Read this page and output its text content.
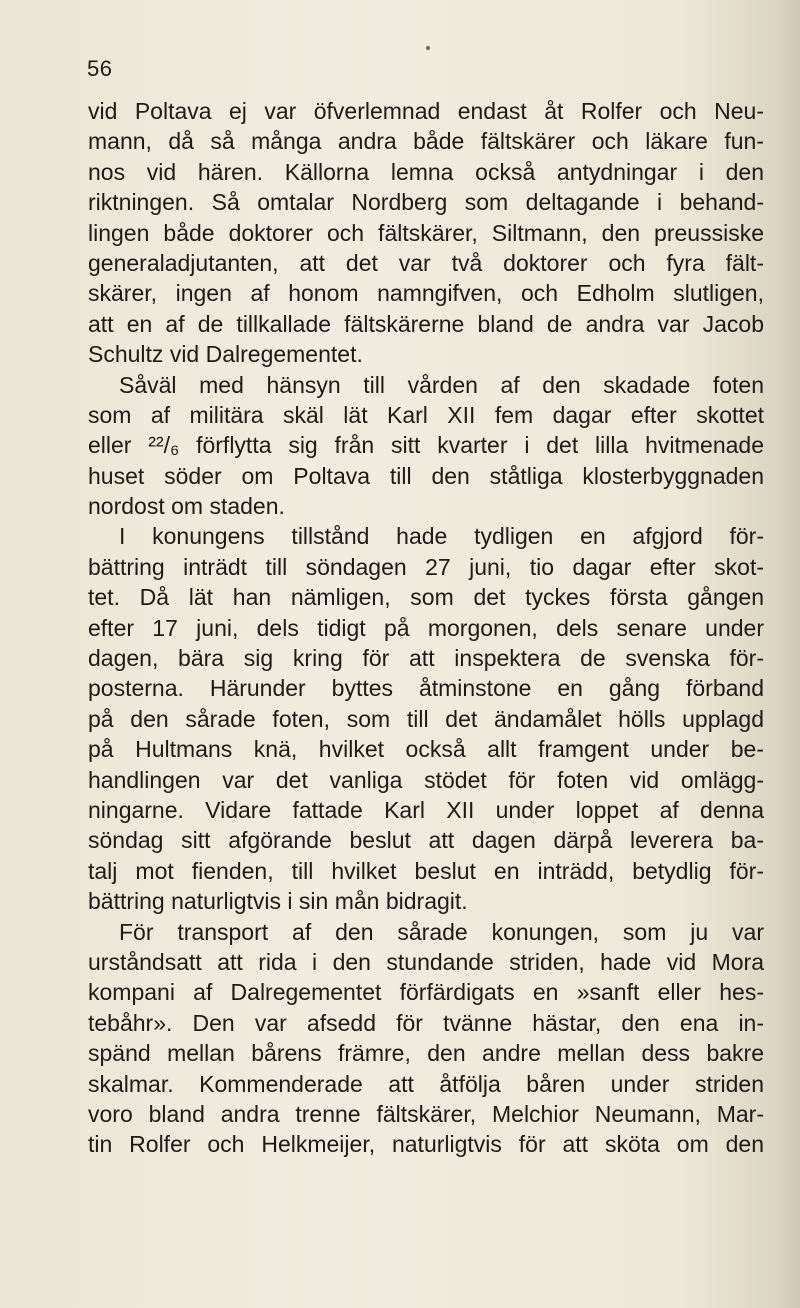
56
vid Poltava ej var öfverlemnad endast åt Rolfer och Neu-
mann, då så många andra både fältskärer och läkare fun-
nos vid hären. Källorna lemna också antydningar i den
riktningen. Så omtalar Nordberg som deltagande i behand-
lingen både doktorer och fältskärer, Siltmann, den preussiske
generaladjutanten, att det var två doktorer och fyra fält-
skärer, ingen af honom namngifven, och Edholm slutligen,
att en af de tillkallade fältskärerne bland de andra var Jacob
Schultz vid Dalregementet.
Såväl med hänsyn till vården af den skadade foten
som af militära skäl lät Karl XII fem dagar efter skottet
eller ²²/₆ förflytta sig från sitt kvarter i det lilla hvitmenade
huset söder om Poltava till den ståtliga klosterbyggnaden
nordost om staden.
I konungens tillstånd hade tydligen en afgjord för-
bättring inträdt till söndagen 27 juni, tio dagar efter skot-
tet. Då lät han nämligen, som det tyckes första gången
efter 17 juni, dels tidigt på morgonen, dels senare under
dagen, bära sig kring för att inspektera de svenska för-
posterna. Härunder byttes åtminstone en gång förband
på den sårade foten, som till det ändamålet hölls upplagd
på Hultmans knä, hvilket också allt framgent under be-
handlingen var det vanliga stödet för foten vid omlägg-
ningarne. Vidare fattade Karl XII under loppet af denna
söndag sitt afgörande beslut att dagen därpå leverera ba-
talj mot fienden, till hvilket beslut en inträdd, betydlig för-
bättring naturligtvis i sin mån bidragit.
För transport af den sårade konungen, som ju var
urståndsatt att rida i den stundande striden, hade vid Mora
kompani af Dalregementet förfärdigats en »sanft eller hes-
tebåhr». Den var afsedd för tvänne hästar, den ena in-
spänd mellan bårens främre, den andre mellan dess bakre
skalmar. Kommenderade att åtfölja båren under striden
voro bland andra trenne fältskärer, Melchior Neumann, Mar-
tin Rolfer och Helkmeijer, naturligtvis för att sköta om den
